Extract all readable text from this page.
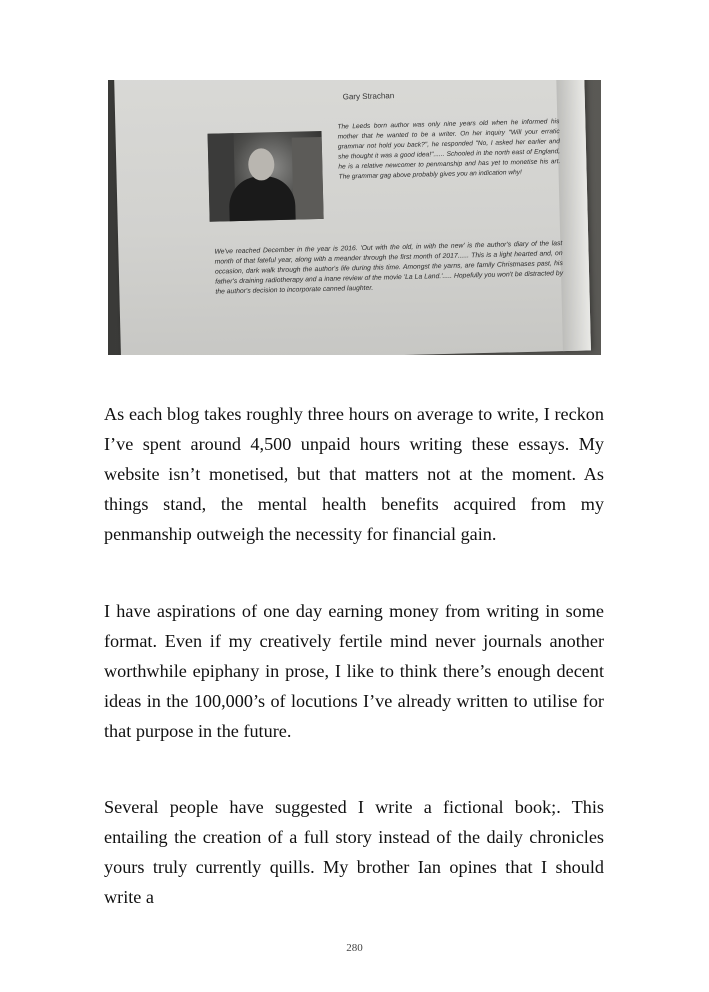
Gary Strachan
The Leeds born author was only nine years old when he informed his mother that he wanted to be a writer. On her inquiry "Will your erratic grammar not hold you back?", he responded "No, I asked her earlier and she thought it was a good idea!"...... Schooled in the north east of England, he is a relative newcomer to penmanship and has yet to monetise his art. The grammar gag above probably gives you an indication why!
We've reached December in the year is 2016. 'Out with the old, in with the new' is the author's diary of the last month of that fateful year, along with a meander through the first month of 2017...... This is a light hearted and, on occasion, dark walk through the author's life during this time. Amongst the yarns, are family Christmases past, his father's draining radiotherapy and a inane review of the movie 'La La Land.'..... Hopefully you won't be distracted by the author's decision to incorporate canned laughter.

As each blog takes roughly three hours on average to write, I reckon I’ve spent around 4,500 unpaid hours writing these essays. My website isn’t monetised, but that matters not at the moment. As things stand, the mental health benefits acquired from my penmanship outweigh the necessity for financial gain.

I have aspirations of one day earning money from writing in some format. Even if my creatively fertile mind never journals another worthwhile epiphany in prose, I like to think there’s enough decent ideas in the 100,000’s of locutions I’ve already written to utilise for that purpose in the future.

Several people have suggested I write a fictional book;. This entailing the creation of a full story instead of the daily chronicles yours truly currently quills. My brother Ian opines that I should write a

280
